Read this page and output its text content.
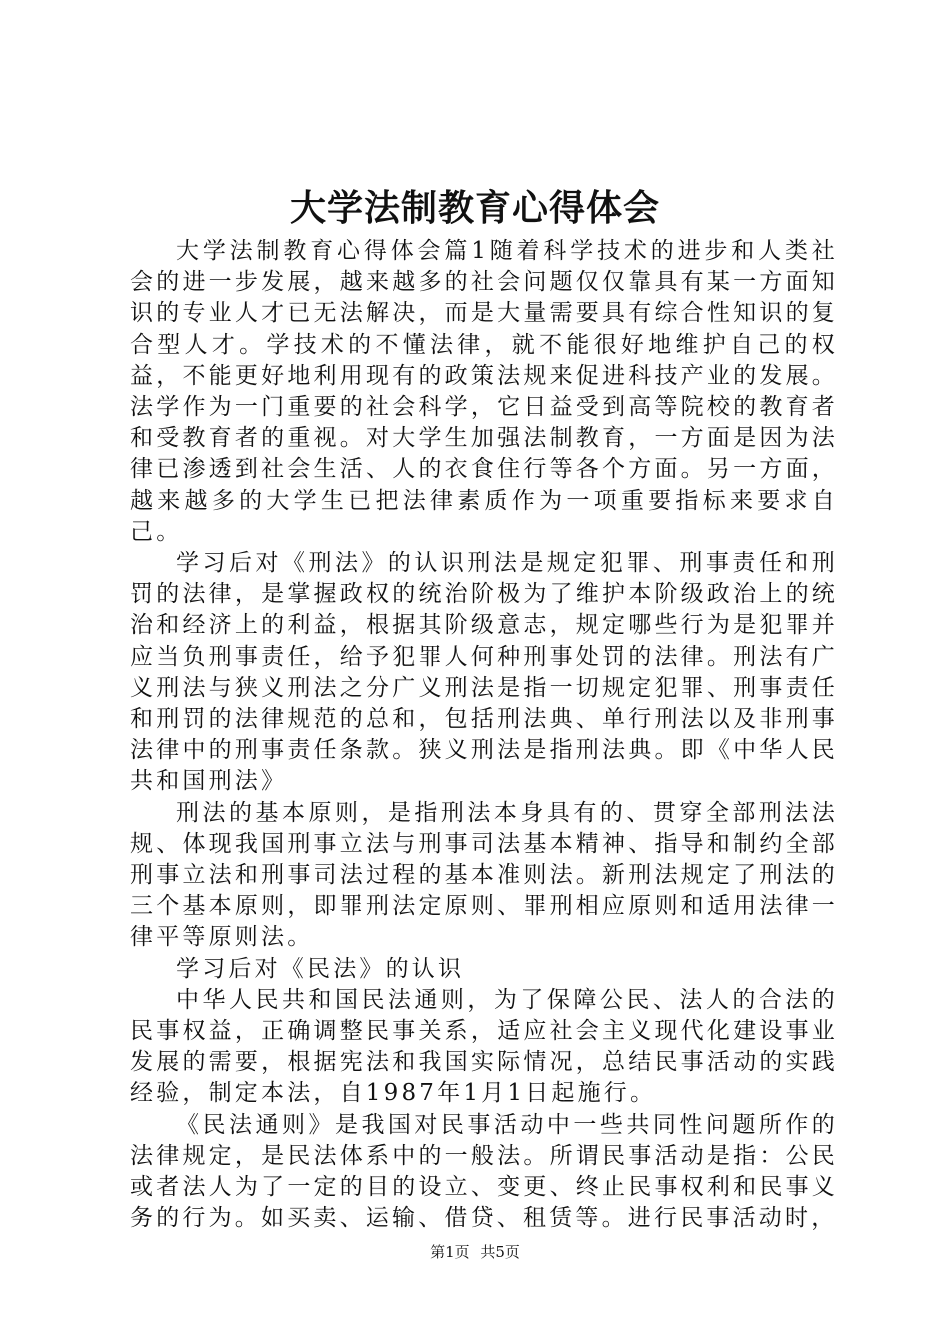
大学法制教育心得体会

大学法制教育心得体会篇1随着科学技术的进步和人类社会的进一步发展，越来越多的社会问题仅仅靠具有某一方面知识的专业人才已无法解决，而是大量需要具有综合性知识的复合型人才。学技术的不懂法律，就不能很好地维护自己的权益，不能更好地利用现有的政策法规来促进科技产业的发展。法学作为一门重要的社会科学，它日益受到高等院校的教育者和受教育者的重视。对大学生加强法制教育，一方面是因为法律已渗透到社会生活、人的衣食住行等各个方面。另一方面，越来越多的大学生已把法律素质作为一项重要指标来要求自己。

学习后对《刑法》的认识刑法是规定犯罪、刑事责任和刑罚的法律，是掌握政权的统治阶极为了维护本阶级政治上的统治和经济上的利益，根据其阶级意志，规定哪些行为是犯罪并应当负刑事责任，给予犯罪人何种刑事处罚的法律。刑法有广义刑法与狭义刑法之分广义刑法是指一切规定犯罪、刑事责任和刑罚的法律规范的总和，包括刑法典、单行刑法以及非刑事法律中的刑事责任条款。狭义刑法是指刑法典。即《中华人民共和国刑法》

刑法的基本原则，是指刑法本身具有的、贯穿全部刑法法规、体现我国刑事立法与刑事司法基本精神、指导和制约全部刑事立法和刑事司法过程的基本准则法。新刑法规定了刑法的三个基本原则，即罪刑法定原则、罪刑相应原则和适用法律一律平等原则法。

学习后对《民法》的认识

中华人民共和国民法通则，为了保障公民、法人的合法的民事权益，正确调整民事关系，适应社会主义现代化建设事业发展的需要，根据宪法和我国实际情况，总结民事活动的实践经验，制定本法，自1987年1月1日起施行。

《民法通则》是我国对民事活动中一些共同性问题所作的法律规定，是民法体系中的一般法。所谓民事活动是指：公民或者法人为了一定的目的设立、变更、终止民事权利和民事义务的行为。如买卖、运输、借贷、租赁等。进行民事活动时，

第1页 共5页
